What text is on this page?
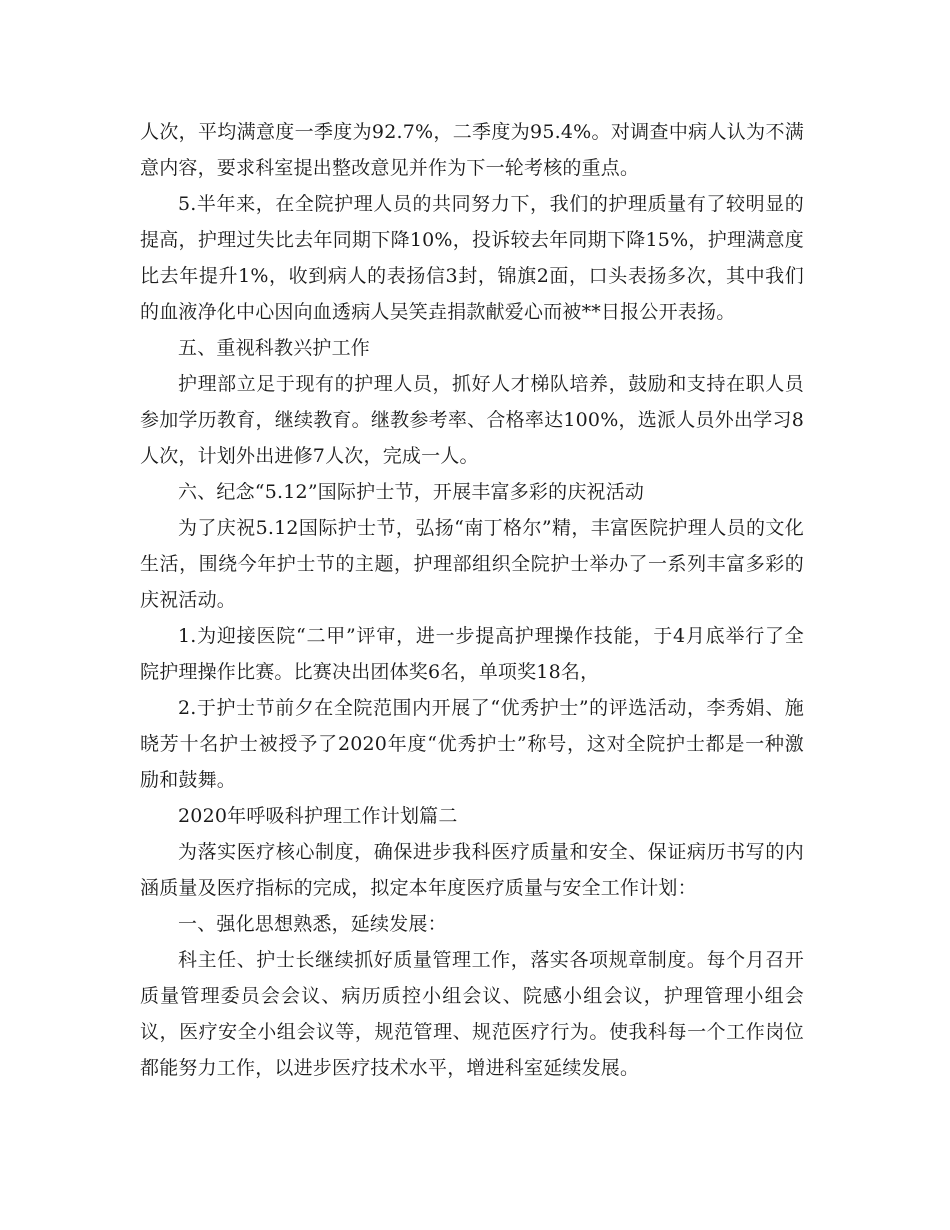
人次，平均满意度一季度为92.7%，二季度为95.4%。对调查中病人认为不满意内容，要求科室提出整改意见并作为下一轮考核的重点。

5.半年来，在全院护理人员的共同努力下，我们的护理质量有了较明显的提高，护理过失比去年同期下降10%，投诉较去年同期下降15%，护理满意度比去年提升1%，收到病人的表扬信3封，锦旗2面，口头表扬多次，其中我们的血液净化中心因向血透病人吴笑垚捐款献爱心而被**日报公开表扬。

五、重视科教兴护工作

护理部立足于现有的护理人员，抓好人才梯队培养，鼓励和支持在职人员参加学历教育，继续教育。继教参考率、合格率达100%，选派人员外出学习8人次，计划外出进修7人次，完成一人。

六、纪念“5.12”国际护士节，开展丰富多彩的庆祝活动

为了庆祝5.12国际护士节，弘扬“南丁格尔”精，丰富医院护理人员的文化生活，围绕今年护士节的主题，护理部组织全院护士举办了一系列丰富多彩的庆祝活动。

1.为迎接医院“二甲”评审，进一步提高护理操作技能，于4月底举行了全院护理操作比赛。比赛决出团体奖6名，单项奖18名，

2.于护士节前夕在全院范围内开展了“优秀护士”的评选活动，李秀娟、施晓芳十名护士被授予了2020年度“优秀护士”称号，这对全院护士都是一种激励和鼓舞。

2020年呼吸科护理工作计划篇二

为落实医疗核心制度，确保进步我科医疗质量和安全、保证病历书写的内涵质量及医疗指标的完成，拟定本年度医疗质量与安全工作计划：

一、强化思想熟悉，延续发展：

科主任、护士长继续抓好质量管理工作，落实各项规章制度。每个月召开质量管理委员会会议、病历质控小组会议、院感小组会议，护理管理小组会议，医疗安全小组会议等，规范管理、规范医疗行为。使我科每一个工作岗位都能努力工作，以进步医疗技术水平，增进科室延续发展。
